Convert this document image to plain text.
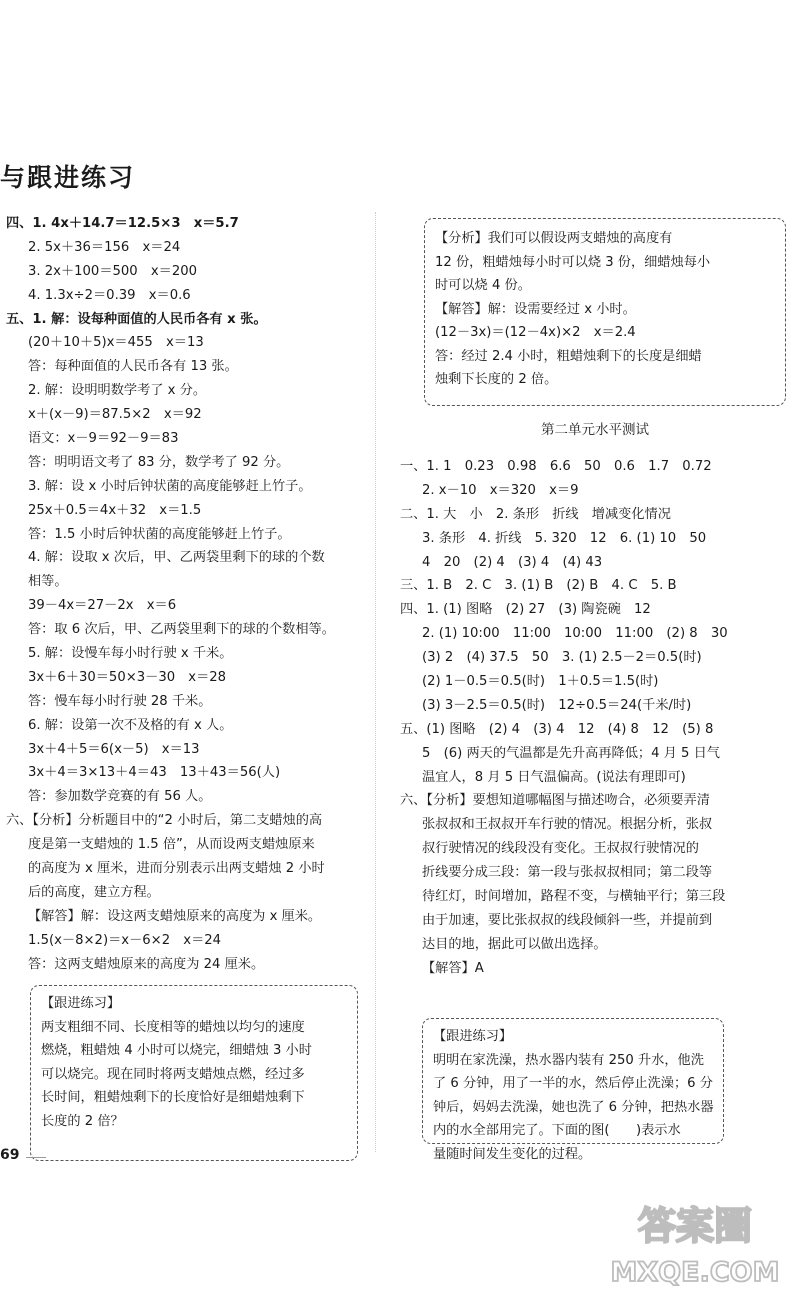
与跟进练习
四、1. 4x＋14.7＝12.5×3　x＝5.7
2. 5x＋36＝156　x＝24
3. 2x＋100＝500　x＝200
4. 1.3x÷2＝0.39　x＝0.6
五、1. 解：设每种面值的人民币各有 x 张。
(20＋10＋5)x＝455　x＝13
答：每种面值的人民币各有 13 张。
2. 解：设明明数学考了 x 分。
x＋(x－9)＝87.5×2　x＝92
语文：x－9＝92－9＝83
答：明明语文考了 83 分，数学考了 92 分。
3. 解：设 x 小时后钟状菌的高度能够赶上竹子。
25x＋0.5＝4x＋32　x＝1.5
答：1.5 小时后钟状菌的高度能够赶上竹子。
4. 解：设取 x 次后，甲、乙两袋里剩下的球的个数
相等。
39－4x＝27－2x　x＝6
答：取 6 次后，甲、乙两袋里剩下的球的个数相等。
5. 解：设慢车每小时行驶 x 千米。
3x＋6＋30＝50×3－30　x＝28
答：慢车每小时行驶 28 千米。
6. 解：设第一次不及格的有 x 人。
3x＋4＋5＝6(x－5)　x＝13
3x＋4＝3×13＋4＝43　13＋43＝56(人)
答：参加数学竞赛的有 56 人。
六、【分析】分析题目中的“2 小时后，第二支蜡烛的高
度是第一支蜡烛的 1.5 倍”，从而设两支蜡烛原来
的高度为 x 厘米，进而分别表示出两支蜡烛 2 小时
后的高度，建立方程。
【解答】解：设这两支蜡烛原来的高度为 x 厘米。
1.5(x－8×2)＝x－6×2　x＝24
答：这两支蜡烛原来的高度为 24 厘米。
【跟进练习】
两支粗细不同、长度相等的蜡烛以均匀的速度
燃烧，粗蜡烛 4 小时可以烧完，细蜡烛 3 小时
可以烧完。现在同时将两支蜡烛点燃，经过多
长时间，粗蜡烛剩下的长度恰好是细蜡烛剩下
长度的 2 倍？
【分析】我们可以假设两支蜡烛的高度有
12 份，粗蜡烛每小时可以烧 3 份，细蜡烛每小
时可以烧 4 份。
【解答】解：设需要经过 x 小时。
(12－3x)＝(12－4x)×2　x＝2.4
答：经过 2.4 小时，粗蜡烛剩下的长度是细蜡
烛剩下长度的 2 倍。
第二单元水平测试
一、1. 1　0.23　0.98　6.6　50　0.6　1.7　0.72
2. x－10　x＝320　x＝9
二、1. 大　小　2. 条形　折线　增减变化情况
3. 条形　4. 折线　5. 320　12　6. (1) 10　50
4　20　(2) 4　(3) 4　(4) 43
三、1. B　2. C　3. (1) B　(2) B　4. C　5. B
四、1. (1) 图略　(2) 27　(3) 陶瓷碗　12
2. (1) 10:00　11:00　10:00　11:00　(2) 8　30
(3) 2　(4) 37.5　50　3. (1) 2.5－2＝0.5(时)
(2) 1－0.5＝0.5(时)　1＋0.5＝1.5(时)
(3) 3－2.5＝0.5(时)　12÷0.5＝24(千米/时)
五、(1) 图略　(2) 4　(3) 4　12　(4) 8　12　(5) 8
5　(6) 两天的气温都是先升高再降低；4 月 5 日气
温宜人，8 月 5 日气温偏高。(说法有理即可)
六、【分析】要想知道哪幅图与描述吻合，必须要弄清
张叔叔和王叔叔开车行驶的情况。根据分析，张叔
叔行驶情况的线段没有变化。王叔叔行驶情况的
折线要分成三段：第一段与张叔叔相同；第二段等
待红灯，时间增加，路程不变，与横轴平行；第三段
由于加速，要比张叔叔的线段倾斜一些，并提前到
达目的地，据此可以做出选择。
【解答】A
【跟进练习】
明明在家洗澡，热水器内装有 250 升水，他洗
了 6 分钟，用了一半的水，然后停止洗澡；6 分
钟后，妈妈去洗澡，她也洗了 6 分钟，把热水器
内的水全部用完了。下面的图(　　)表示水
量随时间发生变化的过程。
69
答案圈
MXQE.COM
